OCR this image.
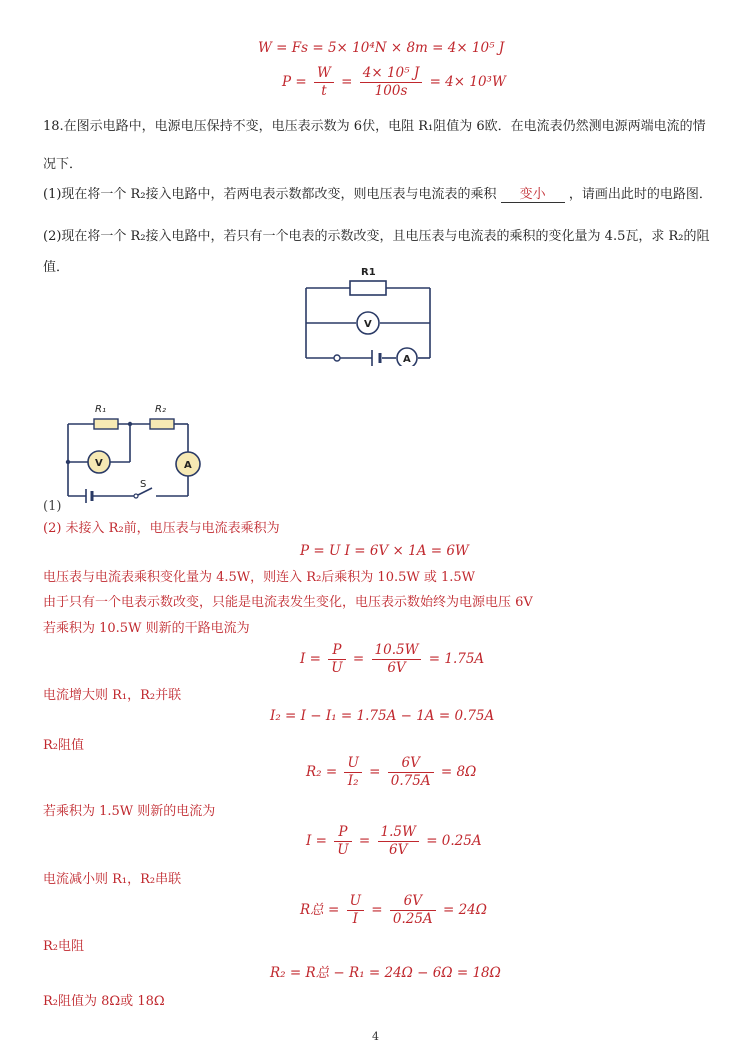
W = Fs = 5× 10⁴N × 8m = 4× 10⁵ J
$P = \frac{W}{t} = \frac{\text{4× 10⁵ J}}{100s} = 4\times 10^3W$
18.在图示电路中，电源电压保持不变，电压表示数为 6伏，电阻 R₁阻值为 6欧．在电流表仍然测电源两端电流的情
况下．
(1)现在将一个 R₂接入电路中，若两电表示数都改变，则电压表与电流表的乘积 变小 ，请画出此时的电路图．
(2)现在将一个 R₂接入电路中，若只有一个电表的示数改变，且电压表与电流表的乘积的变化量为 4.5瓦，求 R₂的阻
值．	R1
V
A
R₁	R₂
V	A
S
(1)
(2) 未接入 R₂前，电压表与电流表乘积为
P = U I = 6V × 1A = 6W
电压表与电流表乘积变化量为 4.5W，则连入 R₂后乘积为 10.5W 或 1.5W
由于只有一个电表示数改变，只能是电流表发生变化，电压表示数始终为电源电压 6V
若乘积为 10.5W 则新的干路电流为
$I = \frac{P}{U} = \frac{10.5W}{6V} = 1.75A$
电流增大则 R₁，R₂并联
I₂ = I − I₁ = 1.75A − 1A = 0.75A
R₂阻值
$R_2 = \frac{U}{\text{I₂}} = \frac{6V}{0.75A} = 8\Omega$
若乘积为 1.5W 则新的电流为
$I = \frac{P}{U} = \frac{1.5W}{6V} = 0.25A$
电流减小则 R₁，R₂串联
R总 = $\frac{U}{I} = \frac{6V}{0.25A} = 24\Omega$
R₂电阻
R₂ = R总 − R₁ = 24Ω − 6Ω = 18Ω
R₂阻值为 8Ω或 18Ω
4
